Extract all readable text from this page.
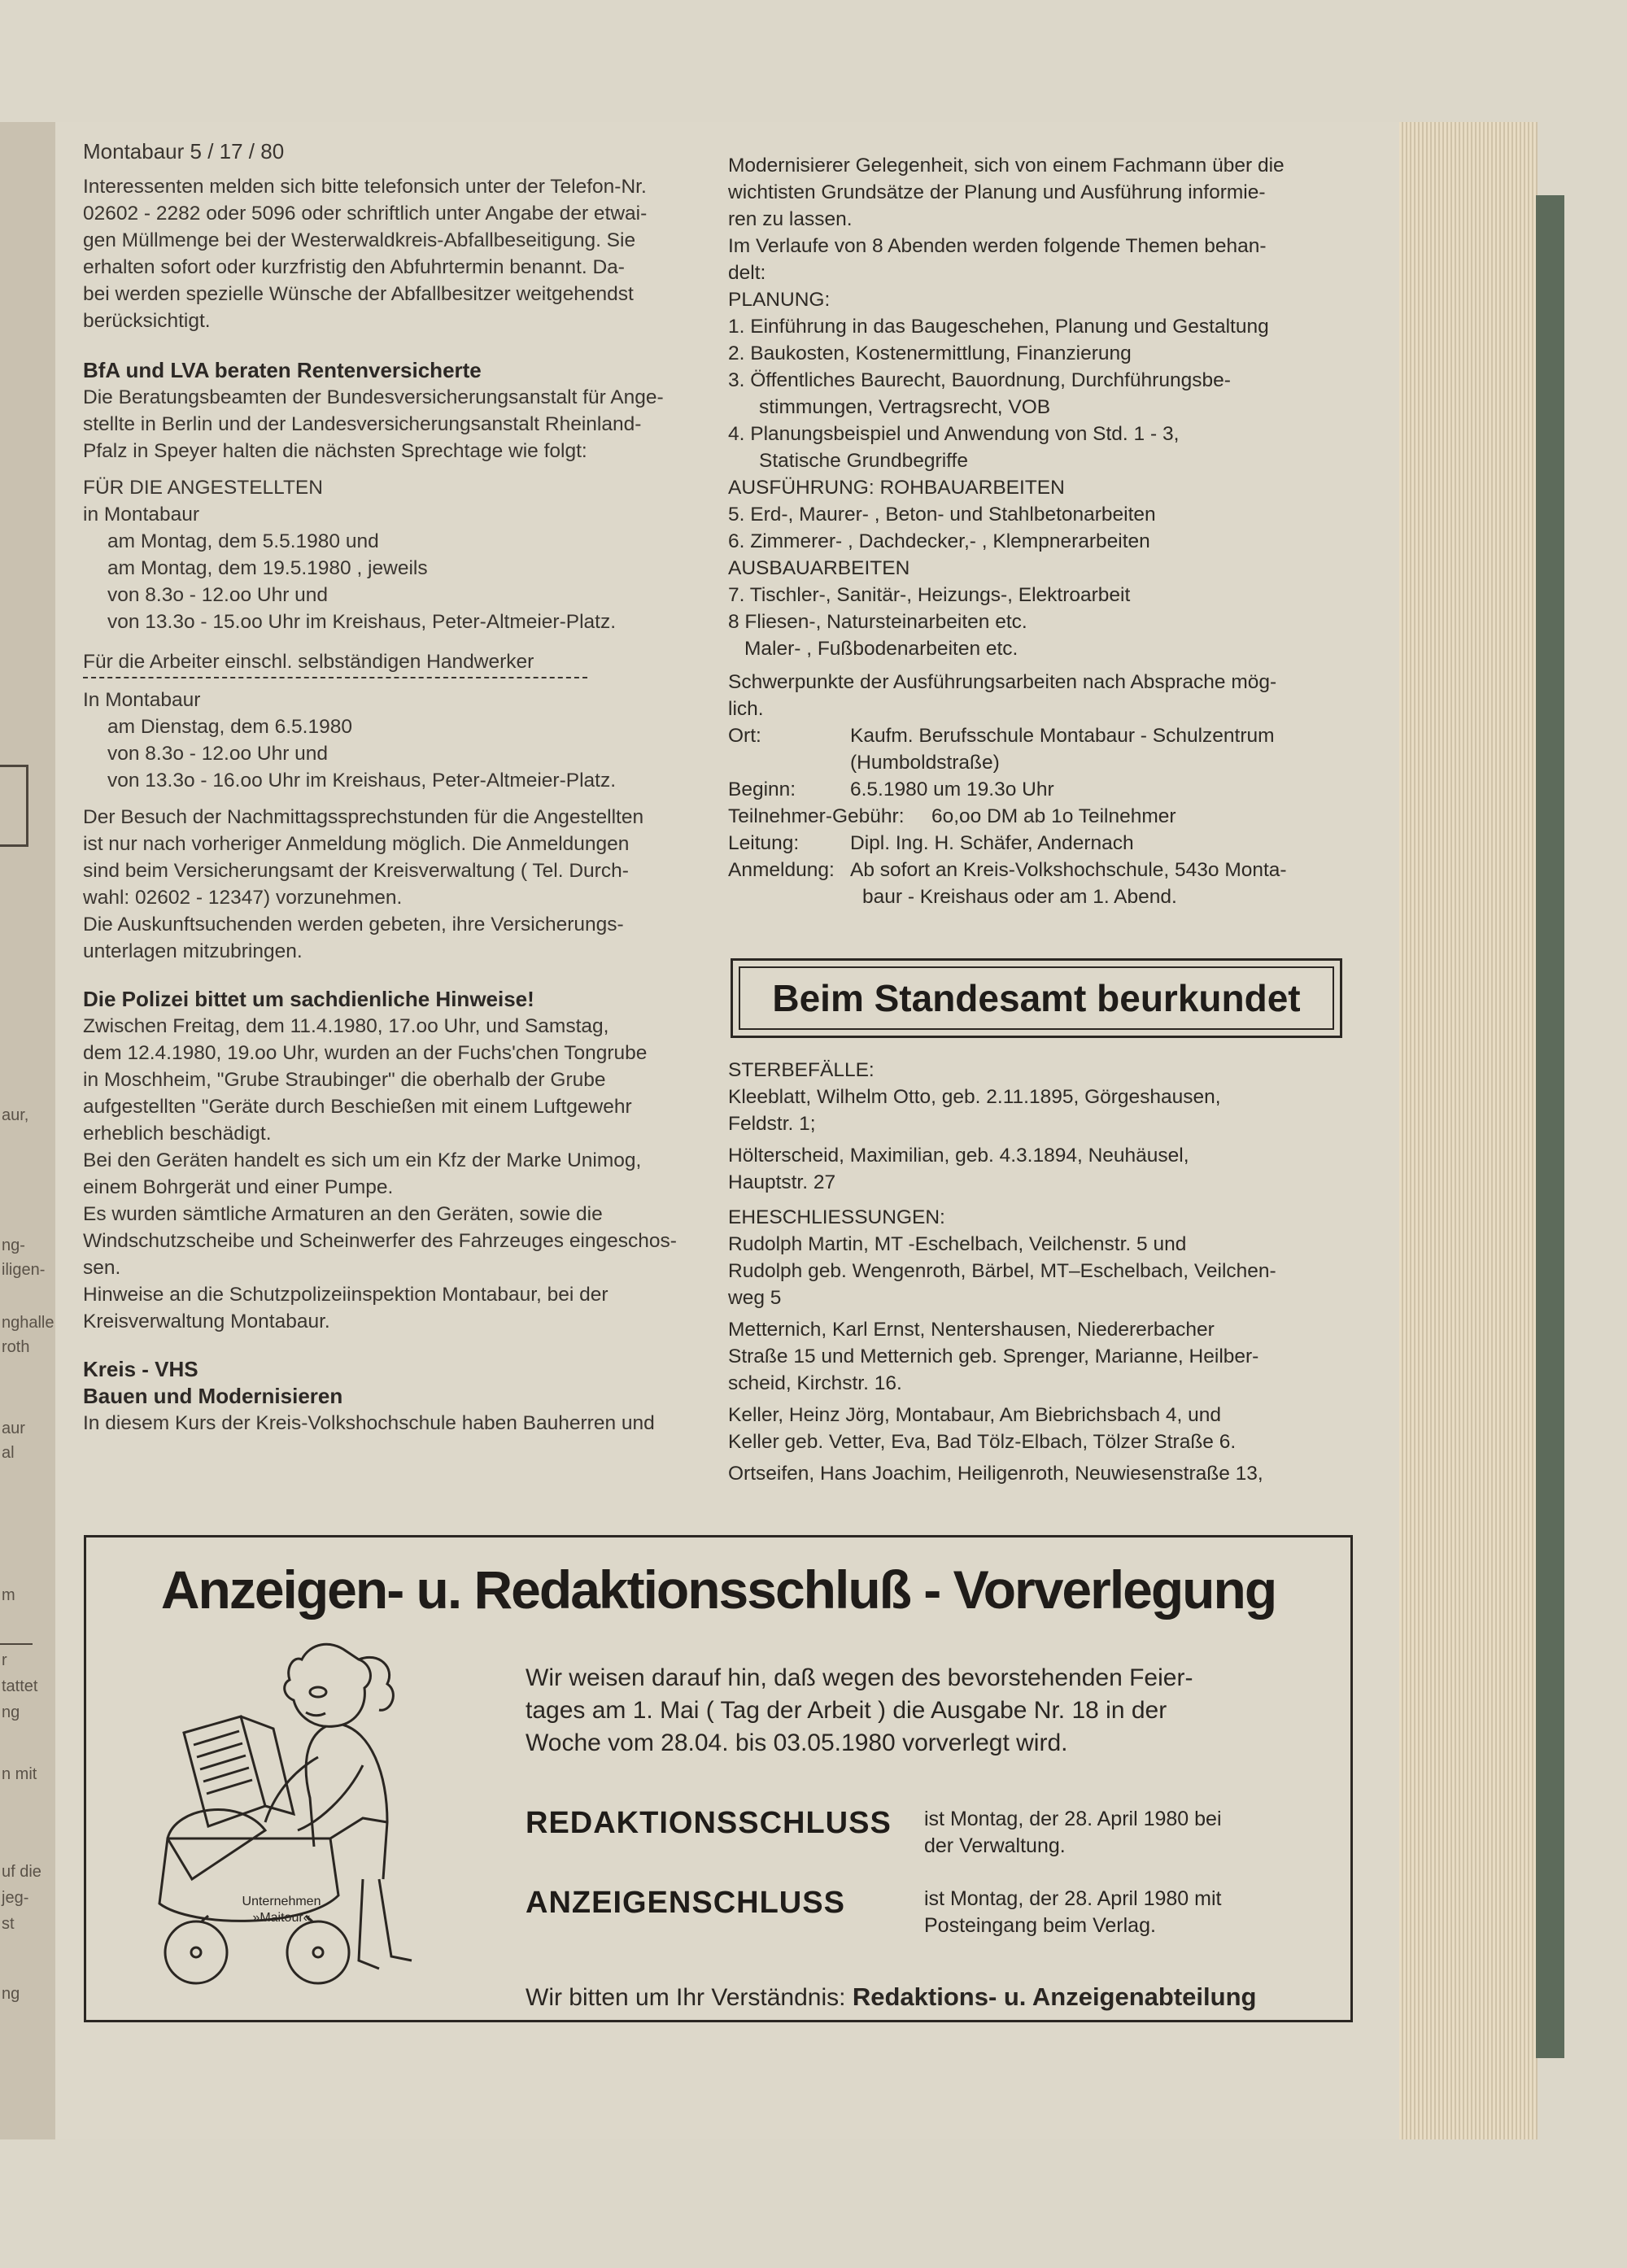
aur,
ng-
iligen-
nghalle
roth
aur
al
m
r
tattet
ng
n mit
uf die
jeg-
st
ng
Montabaur 5 / 17 / 80
Interessenten melden sich bitte telefonsich unter der Telefon-Nr.
02602 - 2282 oder 5096 oder schriftlich unter Angabe der etwai-
gen Müllmenge bei der Westerwaldkreis-Abfallbeseitigung. Sie
erhalten sofort oder kurzfristig den Abfuhrtermin benannt. Da-
bei werden spezielle Wünsche der Abfallbesitzer weitgehendst
berücksichtigt.
BfA und LVA beraten Rentenversicherte
Die Beratungsbeamten der Bundesversicherungsanstalt für Ange-
stellte in Berlin und der Landesversicherungsanstalt Rheinland-
Pfalz in Speyer halten die nächsten Sprechtage wie folgt:
FÜR DIE ANGESTELLTEN
in Montabaur
am Montag, dem 5.5.1980 und
am Montag, dem 19.5.1980 , jeweils
von 8.3o - 12.oo Uhr und
von 13.3o - 15.oo Uhr im Kreishaus, Peter-Altmeier-Platz.
Für die Arbeiter einschl. selbständigen Handwerker
In Montabaur
am Dienstag, dem 6.5.1980
von 8.3o - 12.oo Uhr und
von 13.3o - 16.oo Uhr im Kreishaus, Peter-Altmeier-Platz.
Der Besuch der Nachmittagssprechstunden für die Angestellten
ist nur nach vorheriger Anmeldung möglich. Die Anmeldungen
sind beim Versicherungsamt der Kreisverwaltung ( Tel. Durch-
wahl: 02602 - 12347) vorzunehmen.
Die Auskunftsuchenden werden gebeten, ihre Versicherungs-
unterlagen mitzubringen.
Die Polizei bittet um sachdienliche Hinweise!
Zwischen Freitag, dem 11.4.1980, 17.oo Uhr, und Samstag,
dem 12.4.1980, 19.oo Uhr, wurden an der Fuchs'chen Tongrube
in Moschheim, "Grube Straubinger" die oberhalb der Grube
aufgestellten "Geräte durch Beschießen mit einem Luftgewehr
erheblich beschädigt.
Bei den Geräten handelt es sich um ein Kfz der Marke Unimog,
einem Bohrgerät und einer Pumpe.
Es wurden sämtliche Armaturen an den Geräten, sowie die
Windschutzscheibe und Scheinwerfer des Fahrzeuges eingeschos-
sen.
Hinweise an die Schutzpolizeiinspektion Montabaur, bei der
Kreisverwaltung Montabaur.
Kreis - VHS
Bauen und Modernisieren
In diesem Kurs der Kreis-Volkshochschule haben Bauherren und
Modernisierer Gelegenheit, sich von einem Fachmann über die
wichtisten Grundsätze der Planung und Ausführung informie-
ren zu lassen.
Im Verlaufe von 8 Abenden werden folgende Themen behan-
delt:
PLANUNG:
1. Einführung in das Baugeschehen, Planung und Gestaltung
2. Baukosten, Kostenermittlung, Finanzierung
3. Öffentliches Baurecht, Bauordnung, Durchführungsbe-
stimmungen, Vertragsrecht, VOB
4. Planungsbeispiel und Anwendung von Std. 1 - 3,
Statische Grundbegriffe
AUSFÜHRUNG: ROHBAUARBEITEN
5. Erd-, Maurer- , Beton- und Stahlbetonarbeiten
6. Zimmerer- , Dachdecker,- , Klempnerarbeiten
AUSBAUARBEITEN
7. Tischler-, Sanitär-, Heizungs-, Elektroarbeit
8 Fliesen-, Natursteinarbeiten etc.
Maler- , Fußbodenarbeiten etc.
Schwerpunkte der Ausführungsarbeiten nach Absprache mög-
lich.
Ort:	Kaufm. Berufsschule Montabaur - Schulzentrum
(Humboldstraße)
Beginn:	6.5.1980 um 19.3o Uhr
Teilnehmer-Gebühr:	6o,oo DM ab 1o Teilnehmer
Leitung:	Dipl. Ing. H. Schäfer, Andernach
Anmeldung: Ab sofort an Kreis-Volkshochschule, 543o Monta-
baur - Kreishaus oder am 1. Abend.
Beim Standesamt beurkundet
STERBEFÄLLE:
Kleeblatt, Wilhelm Otto, geb. 2.11.1895, Görgeshausen,
Feldstr. 1;
Hölterscheid, Maximilian, geb. 4.3.1894, Neuhäusel,
Hauptstr. 27
EHESCHLIESSUNGEN:
Rudolph Martin, MT -Eschelbach, Veilchenstr. 5 und
Rudolph geb. Wengenroth, Bärbel, MT–Eschelbach, Veilchen-
weg 5
Metternich, Karl Ernst, Nentershausen, Niedererbacher
Straße 15 und Metternich geb. Sprenger, Marianne, Heilber-
scheid, Kirchstr. 16.
Keller, Heinz Jörg, Montabaur, Am Biebrichsbach 4, und
Keller geb. Vetter, Eva, Bad Tölz-Elbach, Tölzer Straße 6.
Ortseifen, Hans Joachim, Heiligenroth, Neuwiesenstraße 13,
Anzeigen- u. Redaktionsschluß - Vorverlegung
Unternehmen
»Maitour«
Wir weisen darauf hin, daß wegen des bevorstehenden Feier-
tages am 1. Mai ( Tag der Arbeit ) die Ausgabe Nr. 18 in der
Woche vom 28.04. bis 03.05.1980 vorverlegt wird.
REDAKTIONSSCHLUSS	ist Montag, der 28. April 1980 bei
der Verwaltung.
ANZEIGENSCHLUSS	ist Montag, der 28. April 1980 mit
Posteingang beim Verlag.
Wir bitten um Ihr Verständnis: Redaktions- u. Anzeigenabteilung
